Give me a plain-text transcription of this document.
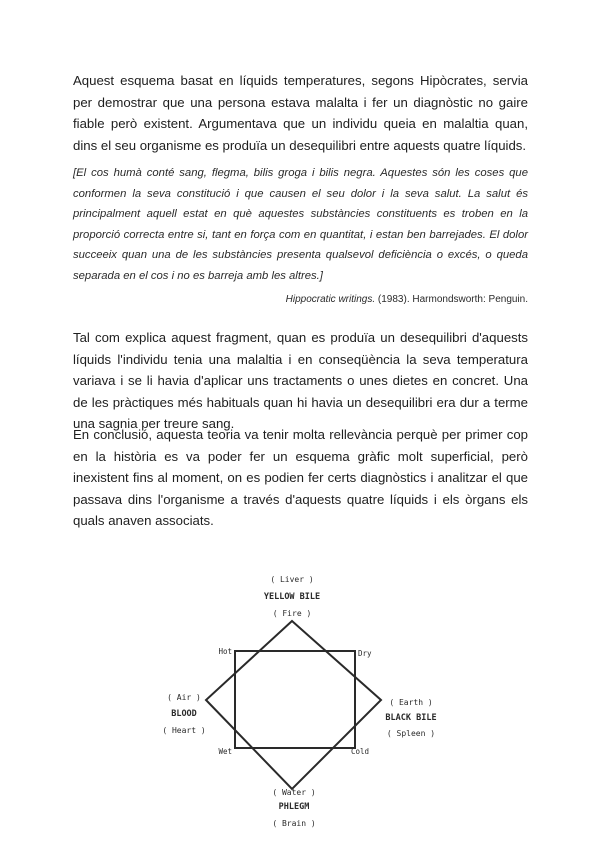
Aquest esquema basat en líquids temperatures, segons Hipòcrates, servia per demostrar que una persona estava malalta i fer un diagnòstic no gaire fiable però existent. Argumentava que un individu queia en malaltia quan, dins el seu organisme es produïa un desequilibri entre aquests quatre líquids.

[El cos humà conté sang, flegma, bilis groga i bilis negra. Aquestes són les coses que conformen la seva constitució i que causen el seu dolor i la seva salut. La salut és principalment aquell estat en què aquestes substàncies constituents es troben en la proporció correcta entre si, tant en força com en quantitat, i estan ben barrejades. El dolor succeeix quan una de les substàncies presenta qualsevol deficiència o excés, o queda separada en el cos i no es barreja amb les altres.]

Hippocratic writings. (1983). Harmondsworth: Penguin.

Tal com explica aquest fragment, quan es produïa un desequilibri d'aquests líquids l'individu tenia una malaltia i en conseqüència la seva temperatura variava i se li havia d'aplicar uns tractaments o unes dietes en concret. Una de les pràctiques més habituals quan hi havia un desequilibri era dur a terme una sagnia per treure sang.

En conclusió, aquesta teoria va tenir molta rellevància perquè per primer cop en la història es va poder fer un esquema gràfic molt superficial, però inexistent fins al moment, on es podien fer certs diagnòstics i analitzar el que passava dins l'organisme a través d'aquests quatre líquids i els òrgans els quals anaven associats.

( Liver )
YELLOW BILE
( Fire )
( Air )
BLOOD
( Heart )
( Earth )
BLACK BILE
( Spleen )
( Water )
PHLEGM
( Brain )
Hot	Dry
Wet	Cold
